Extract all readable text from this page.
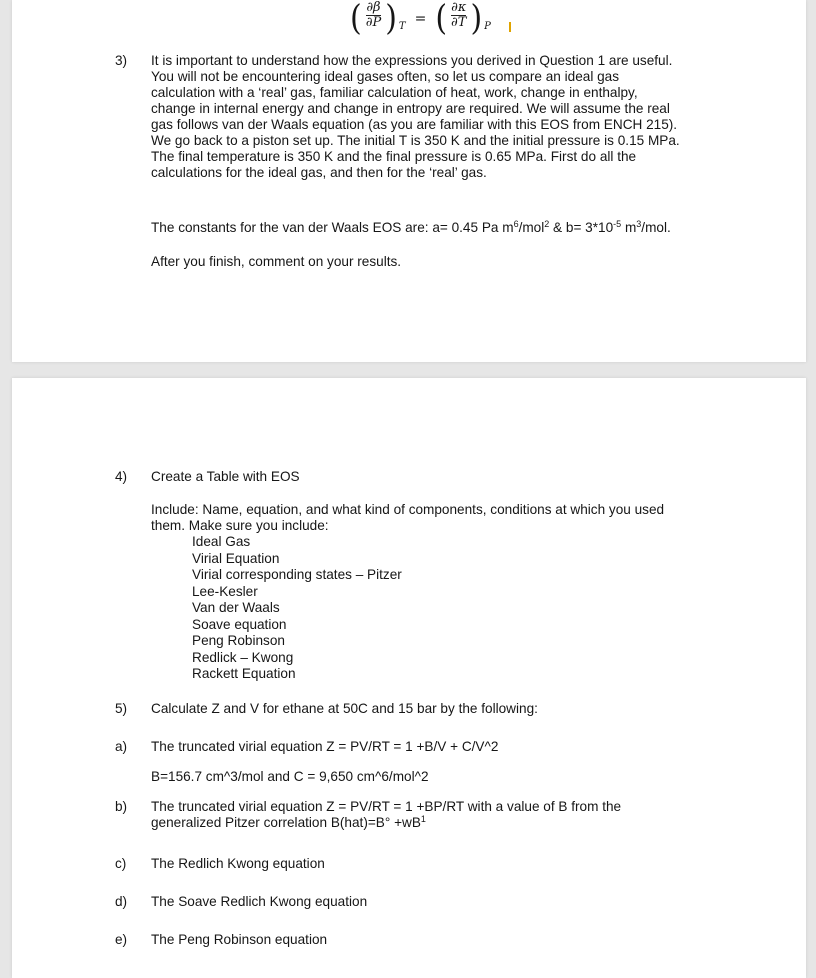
( $\frac{\partial\beta}{\partial P}$ ) T = ( $\frac{\partial\kappa}{\partial T}$ ) P
3) It is important to understand how the expressions you derived in Question 1 are useful.
You will not be encountering ideal gases often, so let us compare an ideal gas
calculation with a ‘real’ gas, familiar calculation of heat, work, change in enthalpy,
change in internal energy and change in entropy are required. We will assume the real
gas follows van der Waals equation (as you are familiar with this EOS from ENCH 215).
We go back to a piston set up. The initial T is 350 K and the initial pressure is 0.15 MPa.
The final temperature is 350 K and the final pressure is 0.65 MPa. First do all the
calculations for the ideal gas, and then for the ‘real’ gas.
The constants for the van der Waals EOS are: a= 0.45 Pa $m^6/mol^2$ & $b= 3*10^{-5}$ $m^3$/mol.
After you finish, comment on your results.
4) Create a Table with EOS
Include: Name, equation, and what kind of components, conditions at which you used
them. Make sure you include:
Ideal Gas
Virial Equation
Virial corresponding states – Pitzer
Lee-Kesler
Van der Waals
Soave equation
Peng Robinson
Redlick – Kwong
Rackett Equation
5) Calculate Z and V for ethane at 50C and 15 bar by the following:
a) The truncated virial equation Z = PV/RT = 1 +B/V + C/V^2
B=156.7 cm^3/mol and C = 9,650 cm^6/mol^2
b) The truncated virial equation Z = PV/RT = 1 +BP/RT with a value of B from the
generalized Pitzer correlation $B(hat)=B^\circ +wB^1$
c) The Redlich Kwong equation
d) The Soave Redlich Kwong equation
e) The Peng Robinson equation
